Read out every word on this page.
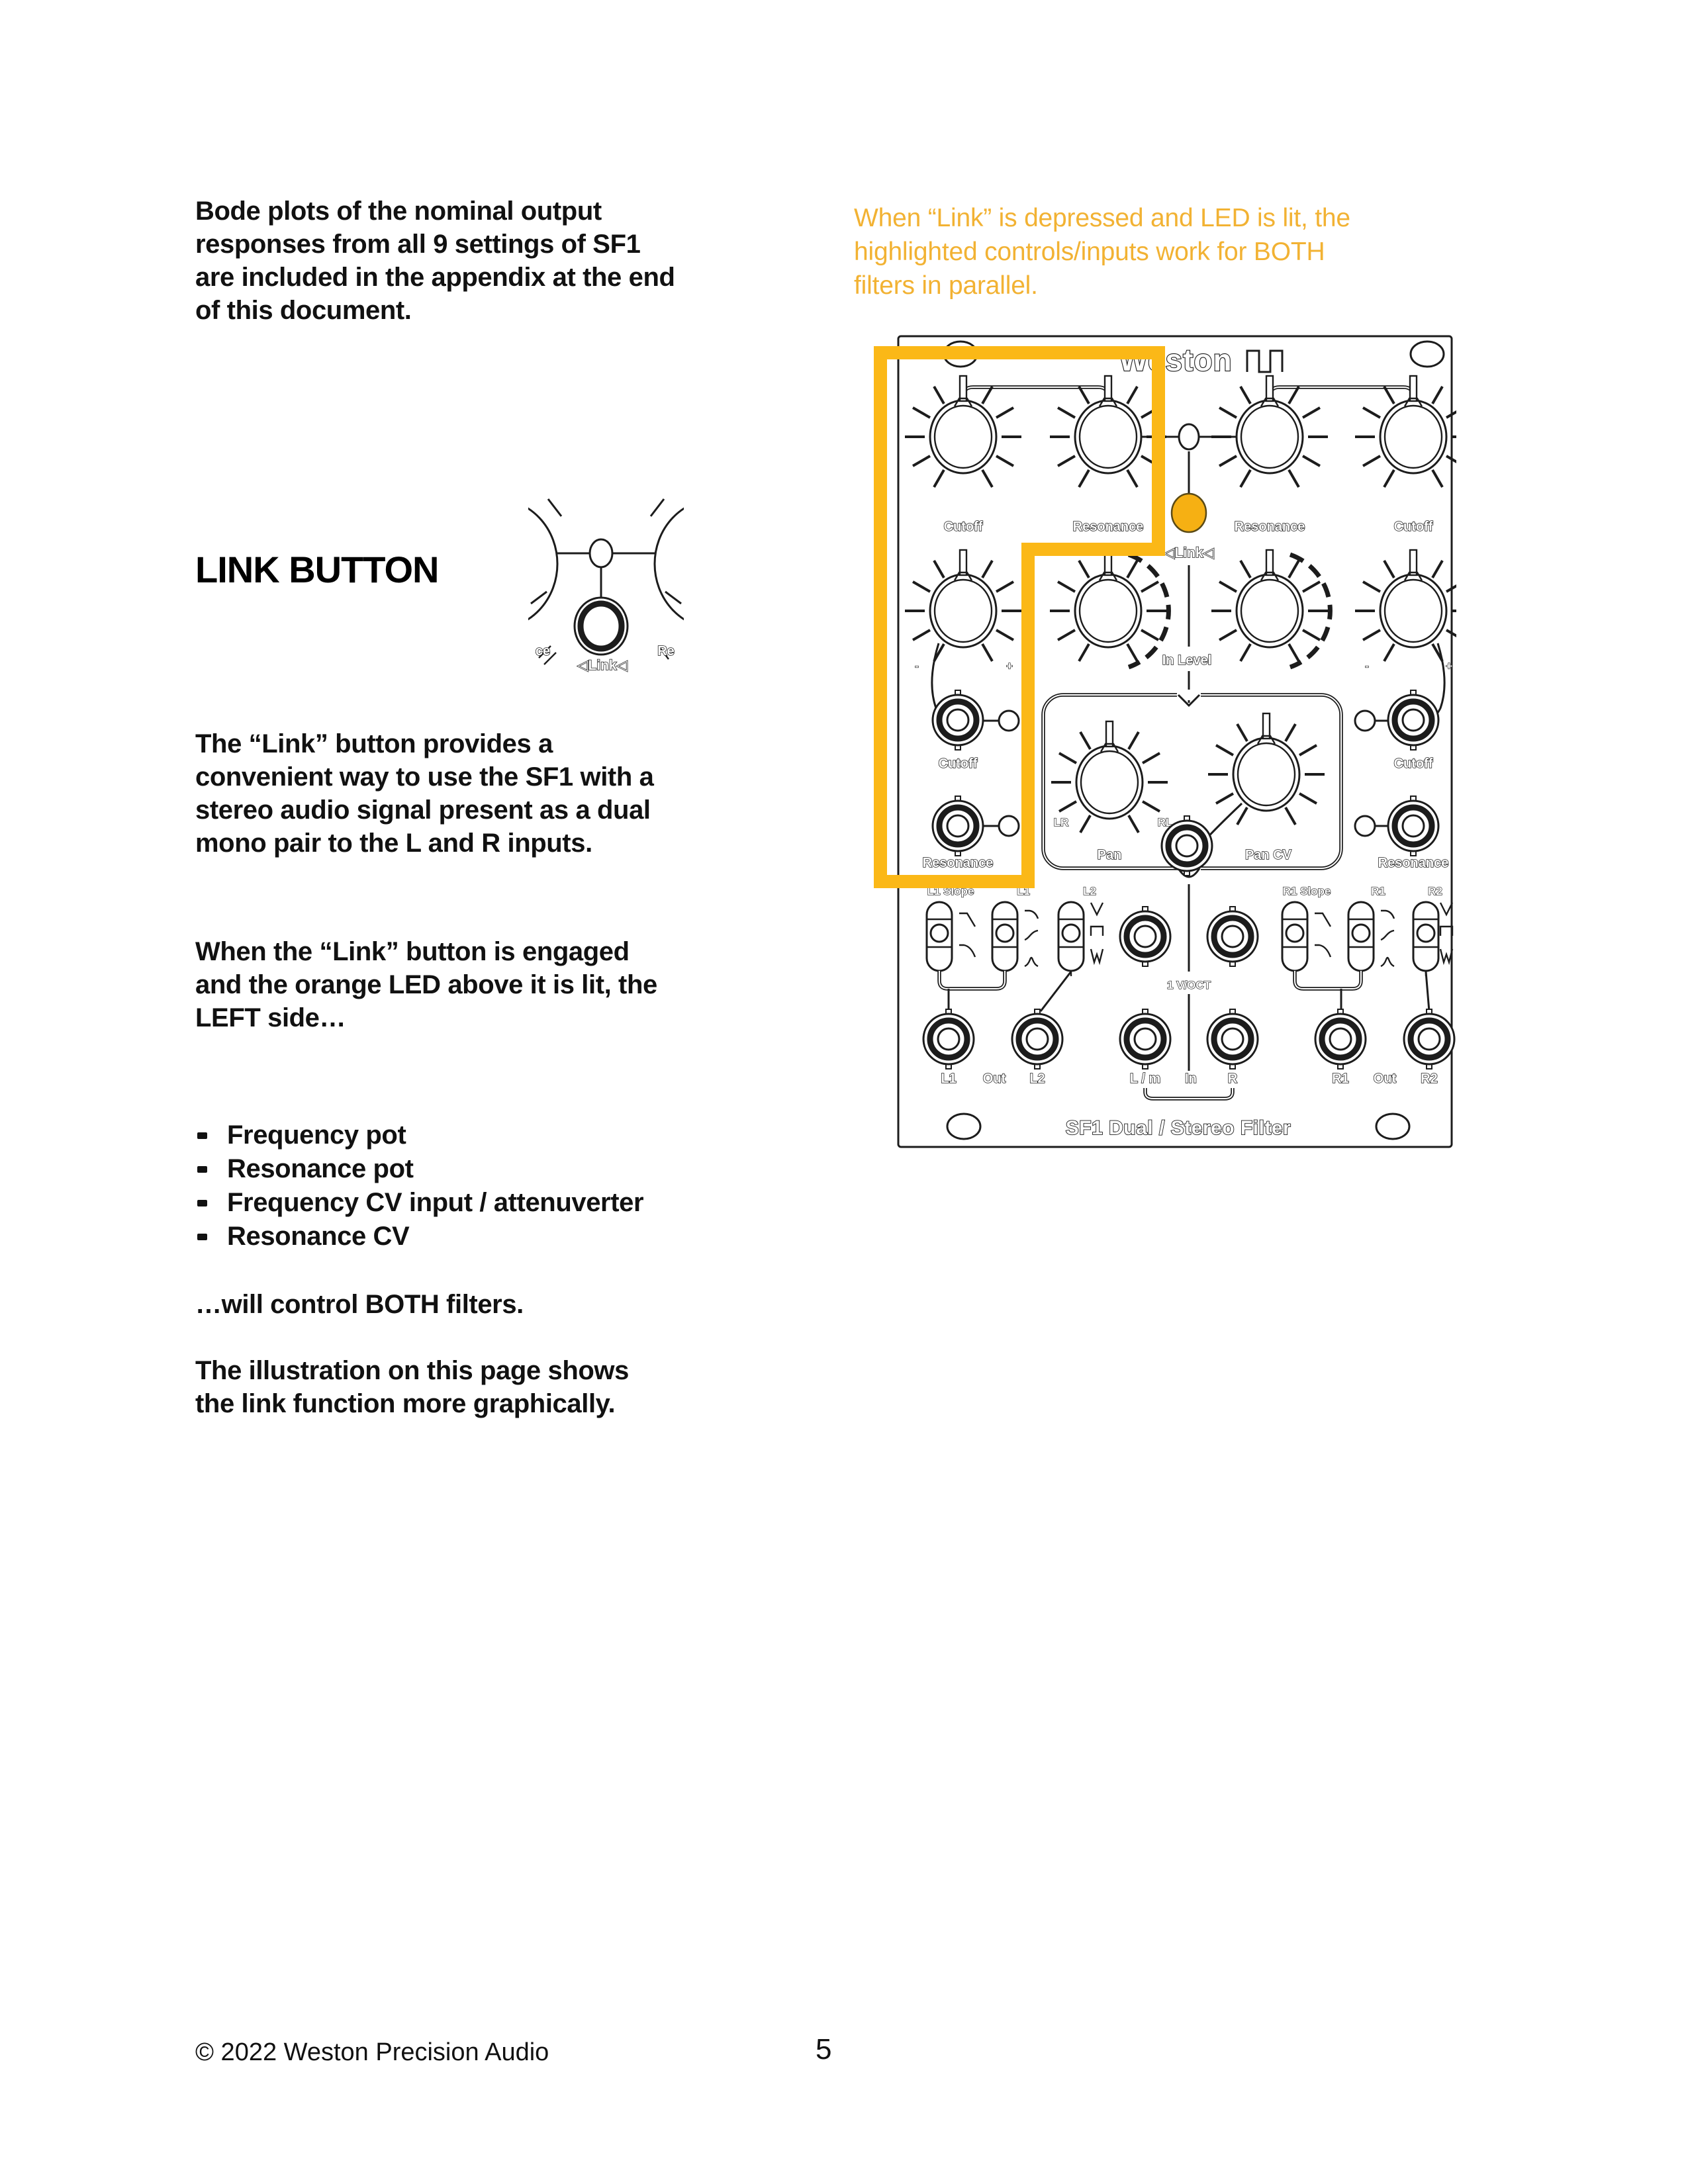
Bode plots of the nominal output responses from all 9 settings of SF1 are included in the appendix at the end of this document.

LINK BUTTON
ce	Re
◁Link◁

The “Link” button provides a convenient way to use the SF1 with a stereo audio signal present as a dual mono pair to the L and R inputs.

When the “Link” button is engaged and the orange LED above it is lit, the LEFT side…

Frequency pot
Resonance pot
Frequency CV input / attenuverter
Resonance CV

…will control BOTH filters.

The illustration on this page shows the link function more graphically.

When “Link” is depressed and LED is lit, the highlighted controls/inputs work for BOTH filters in parallel.

Weston
Cutoff	Resonance	Resonance	Cutoff
◁Link◁
-	+	-	+
In Level
Cutoff	Cutoff
LR	RL
Pan	Pan CV
Resonance	Resonance
L1 Slope	L1	L2	R1 Slope	R1	R2
1 V/OCT
L1 Out L2	L / m In R	R1 Out R2
SF1 Dual / Stereo Filter
© 2022 Weston Precision Audio	5
